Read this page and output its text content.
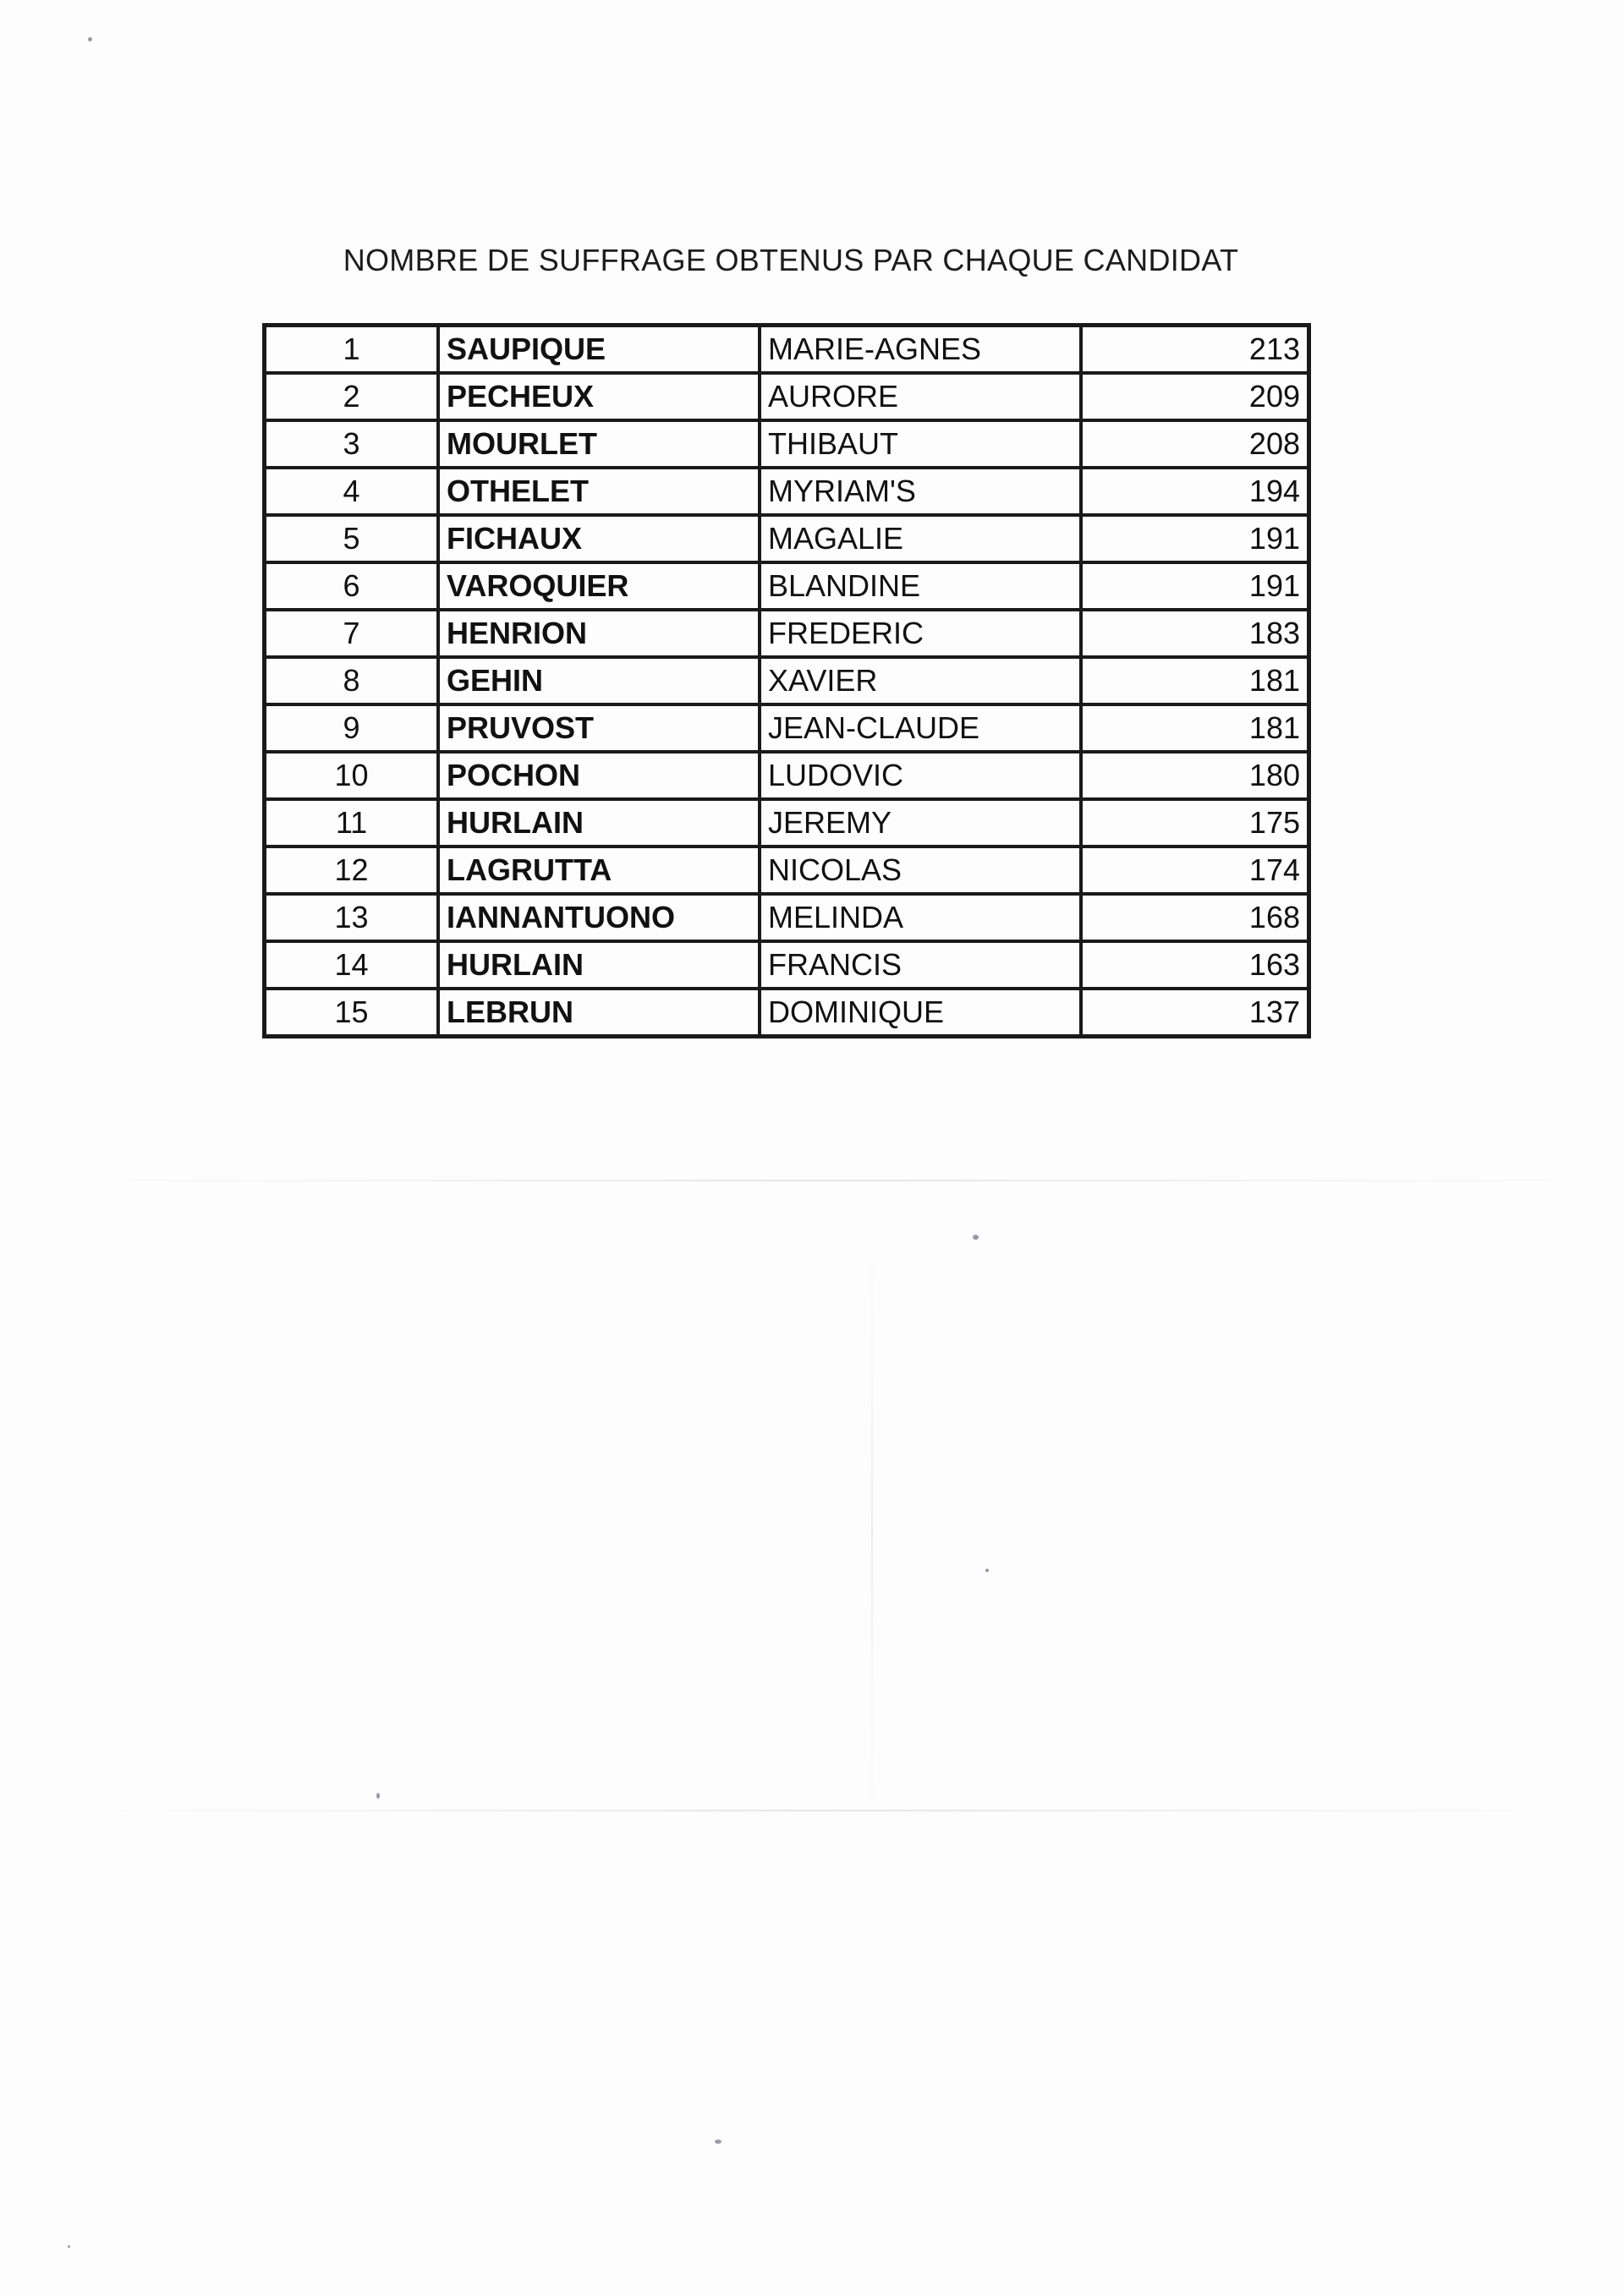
NOMBRE DE SUFFRAGE OBTENUS PAR CHAQUE CANDIDAT
1	SAUPIQUE	MARIE-AGNES	213
2	PECHEUX	AURORE	209
3	MOURLET	THIBAUT	208
4	OTHELET	MYRIAM'S	194
5	FICHAUX	MAGALIE	191
6	VAROQUIER	BLANDINE	191
7	HENRION	FREDERIC	183
8	GEHIN	XAVIER	181
9	PRUVOST	JEAN-CLAUDE	181
10	POCHON	LUDOVIC	180
11	HURLAIN	JEREMY	175
12	LAGRUTTA	NICOLAS	174
13	IANNANTUONO	MELINDA	168
14	HURLAIN	FRANCIS	163
15	LEBRUN	DOMINIQUE	137
